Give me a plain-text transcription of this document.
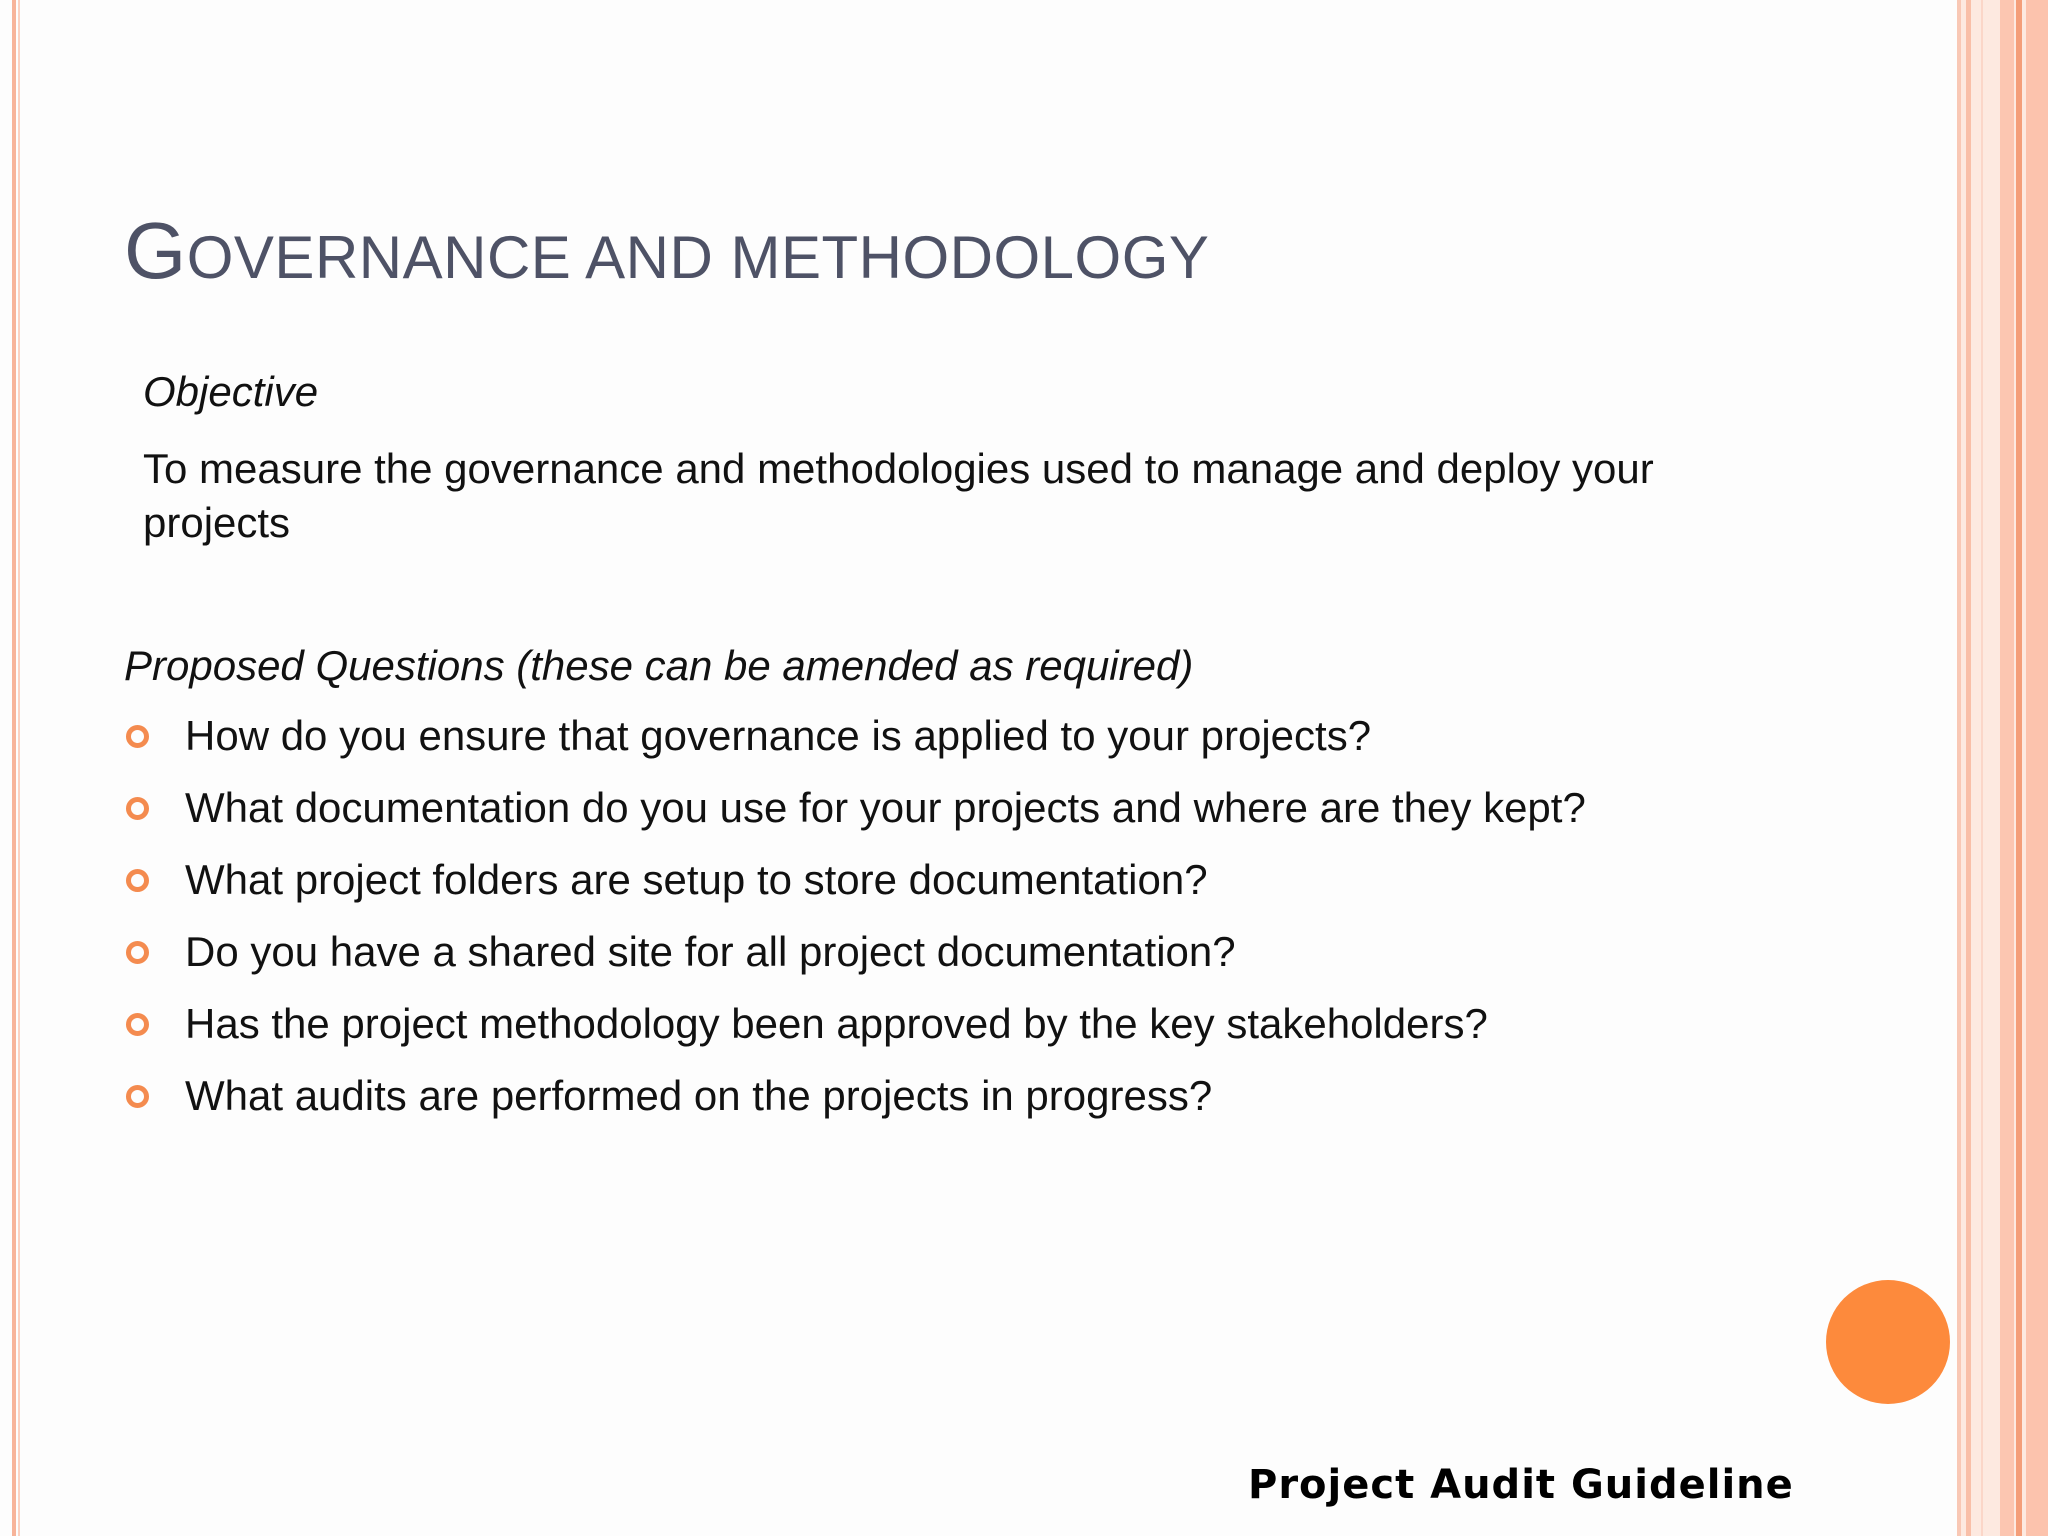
GOVERNANCE AND METHODOLOGY
Objective
To measure the governance and methodologies used to manage and deploy your projects
Proposed Questions (these can be amended as required)
How do you ensure that governance is applied to your projects?
What documentation do you use for your projects and where are they kept?
What project folders are setup to store documentation?
Do you have a shared site for all project documentation?
Has the project methodology been approved by the key stakeholders?
What audits are performed on the projects in progress?
Project Audit Guideline
